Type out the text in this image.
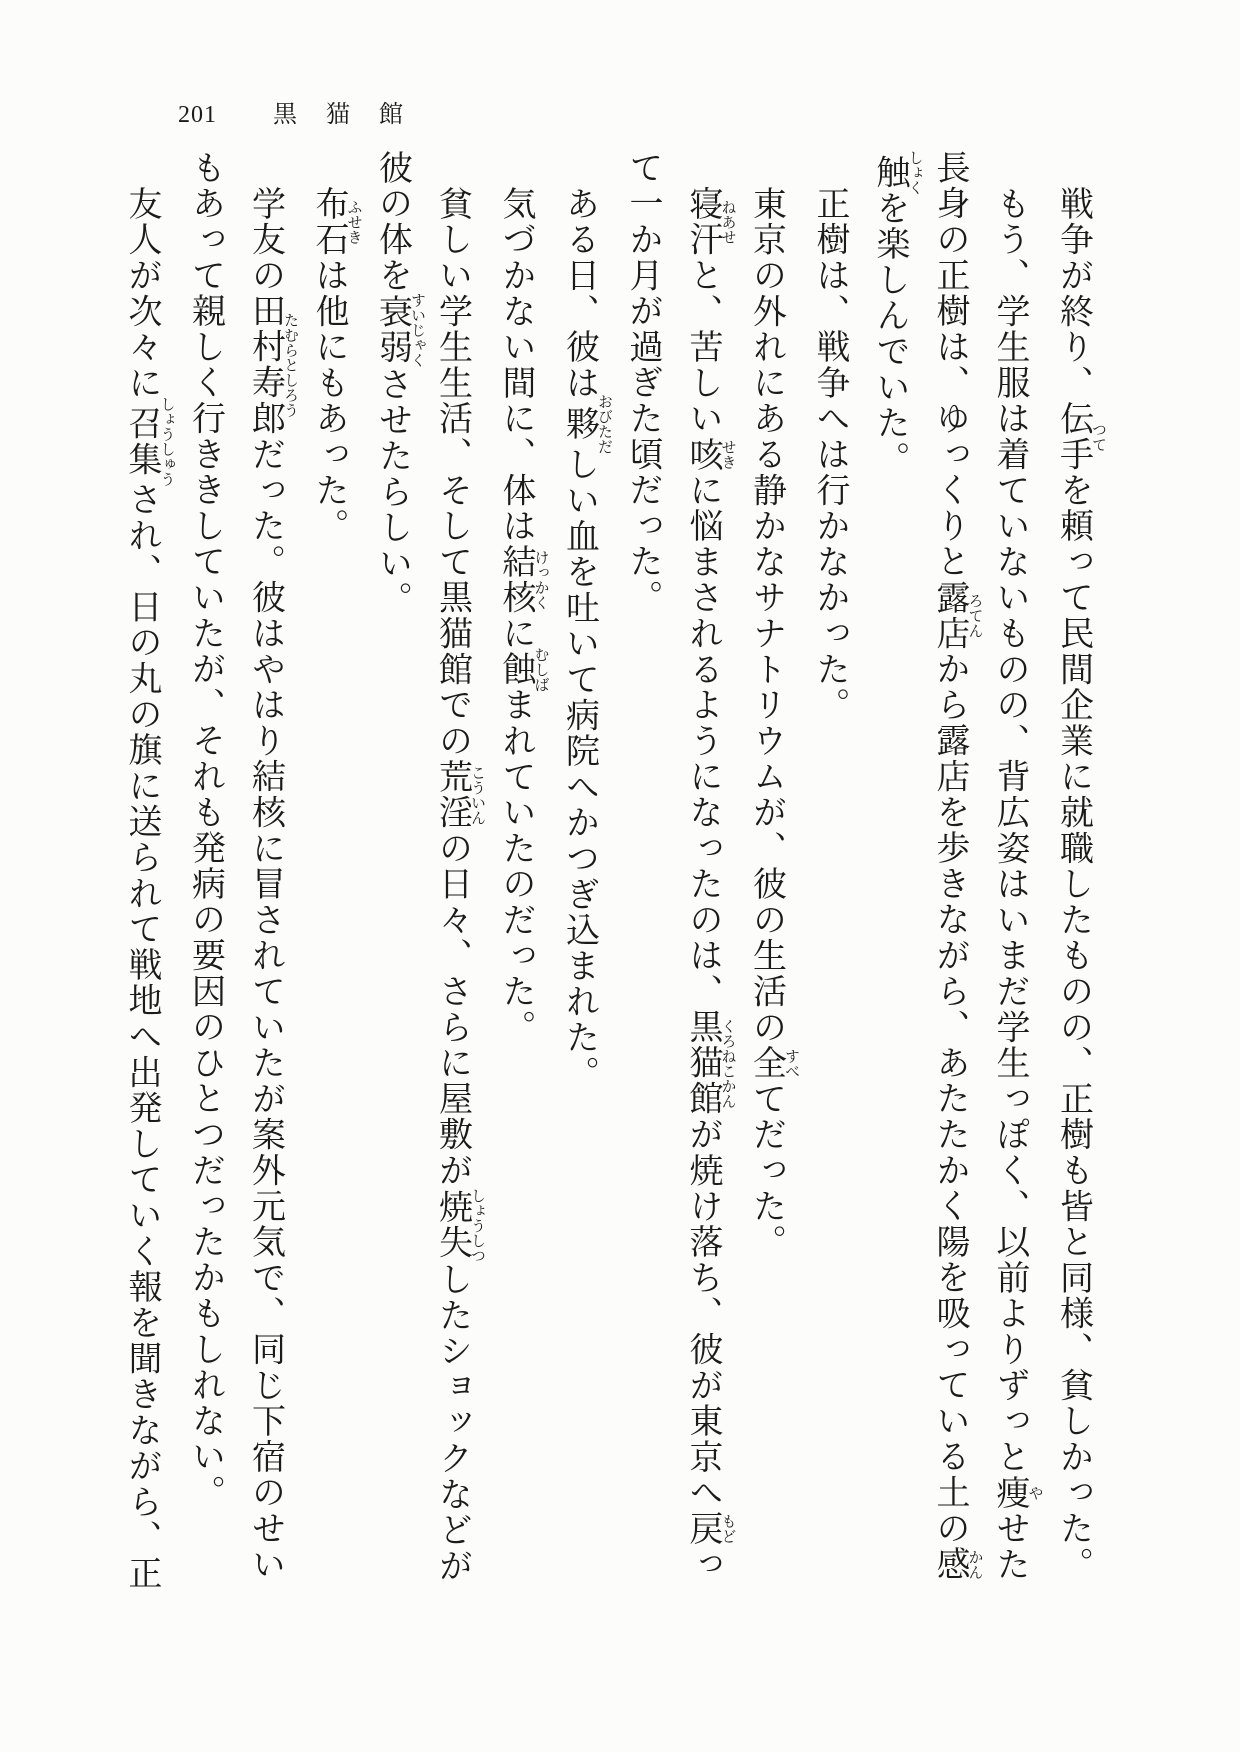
201 黒猫館

戦争が終り、伝手つてを頼って民間企業に就職したものの、正樹も皆と同様、貧しかった。

もう、学生服は着ていないものの、背広姿はいまだ学生っぽく、以前よりずっと痩やせた長身の正樹は、ゆっくりと露店ろてんから露店を歩きながら、あたたかく陽を吸っている土の感かん触しょくを楽しんでいた。

正樹は、戦争へは行かなかった。

東京の外れにある静かなサナトリウムが、彼の生活の全すべてだった。

寝汗ねあせと、苦しい咳せきに悩まされるようになったのは、黒猫館くろねこかんが焼け落ち、彼が東京へ戻もどって一か月が過ぎた頃だった。

ある日、彼は夥おびただしい血を吐いて病院へかつぎ込まれた。

気づかない間に、体は結核けっかくに蝕むしばまれていたのだった。

貧しい学生生活、そして黒猫館での荒淫こういんの日々、さらに屋敷が焼失しょうしつしたショックなどが彼の体を衰弱すいじゃくさせたらしい。

布石ふせきは他にもあった。

学友の田村寿郎たむらとしろうだった。彼はやはり結核に冒されていたが案外元気で、同じ下宿のせいもあって親しく行ききしていたが、それも発病の要因のひとつだったかもしれない。

友人が次々に召集しょうしゅうされ、日の丸の旗に送られて戦地へ出発していく報を聞きながら、正
